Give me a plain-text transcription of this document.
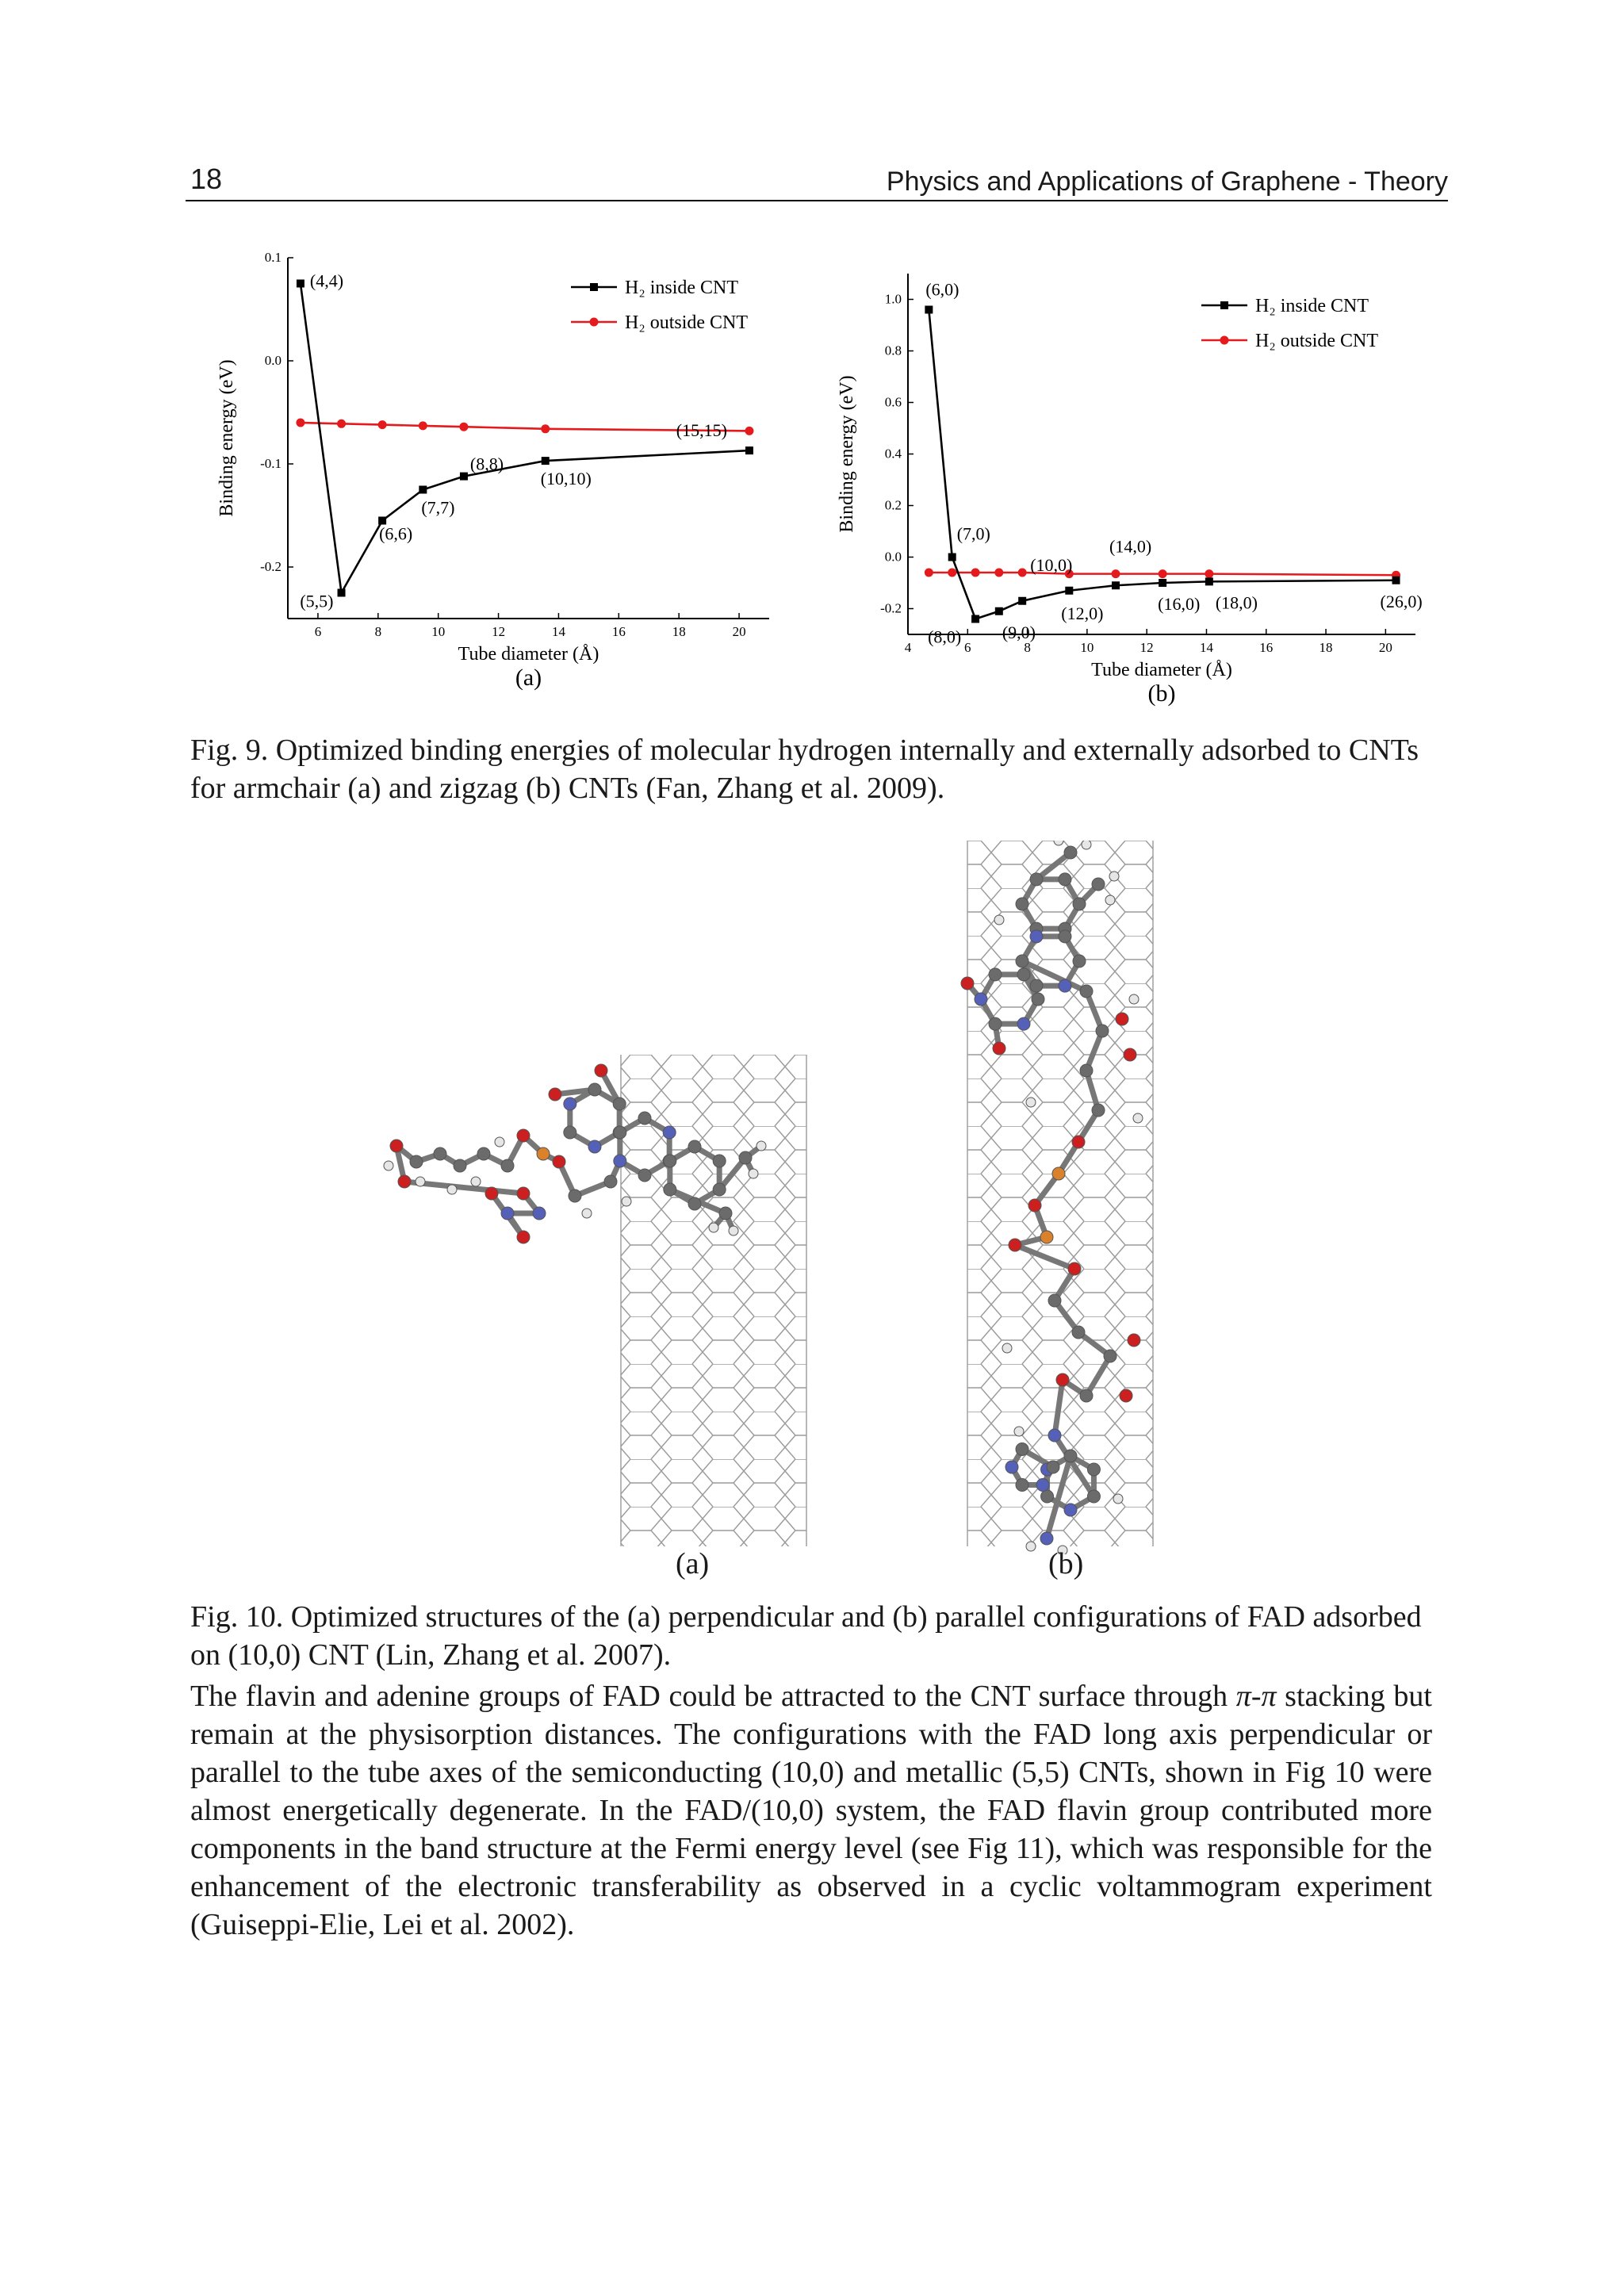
18	Physics and Applications of Graphene - Theory
6	8	10	12	14	16	18	20
0.1
0.0
-0.1
-0.2
Tube diameter (Å)
Binding energy (eV)
(a)
(4,4)
(5,5)
(6,6)
(7,7)
(8,8)
(10,10)
(15,15)
H₂ inside CNT
H₂ outside CNT
4	6	8	10	12	14	16	18	20
1.0
0.8
0.6
0.4
0.2
0.0
-0.2
Tube diameter (Å)
Binding energy (eV)
(b)
(6,0)
(7,0)
(8,0) (9,0)
(10,0)
(12,0)
(14,0)
(16,0) (18,0)	(26,0)
H₂ inside CNT
H₂ outside CNT
Fig. 9. Optimized binding energies of molecular hydrogen internally and externally adsorbed to CNTs for armchair (a) and zigzag (b) CNTs (Fan, Zhang et al. 2009).
(a)	(b)
Fig. 10. Optimized structures of the (a) perpendicular and (b) parallel configurations of FAD adsorbed on (10,0) CNT (Lin, Zhang et al. 2007).
The flavin and adenine groups of FAD could be attracted to the CNT surface through π-π stacking but remain at the physisorption distances. The configurations with the FAD long axis perpendicular or parallel to the tube axes of the semiconducting (10,0) and metallic (5,5) CNTs, shown in Fig 10 were almost energetically degenerate. In the FAD/(10,0) system, the FAD flavin group contributed more components in the band structure at the Fermi energy level (see Fig 11), which was responsible for the enhancement of the electronic transferability as observed in a cyclic voltammogram experiment (Guiseppi-Elie, Lei et al. 2002).
